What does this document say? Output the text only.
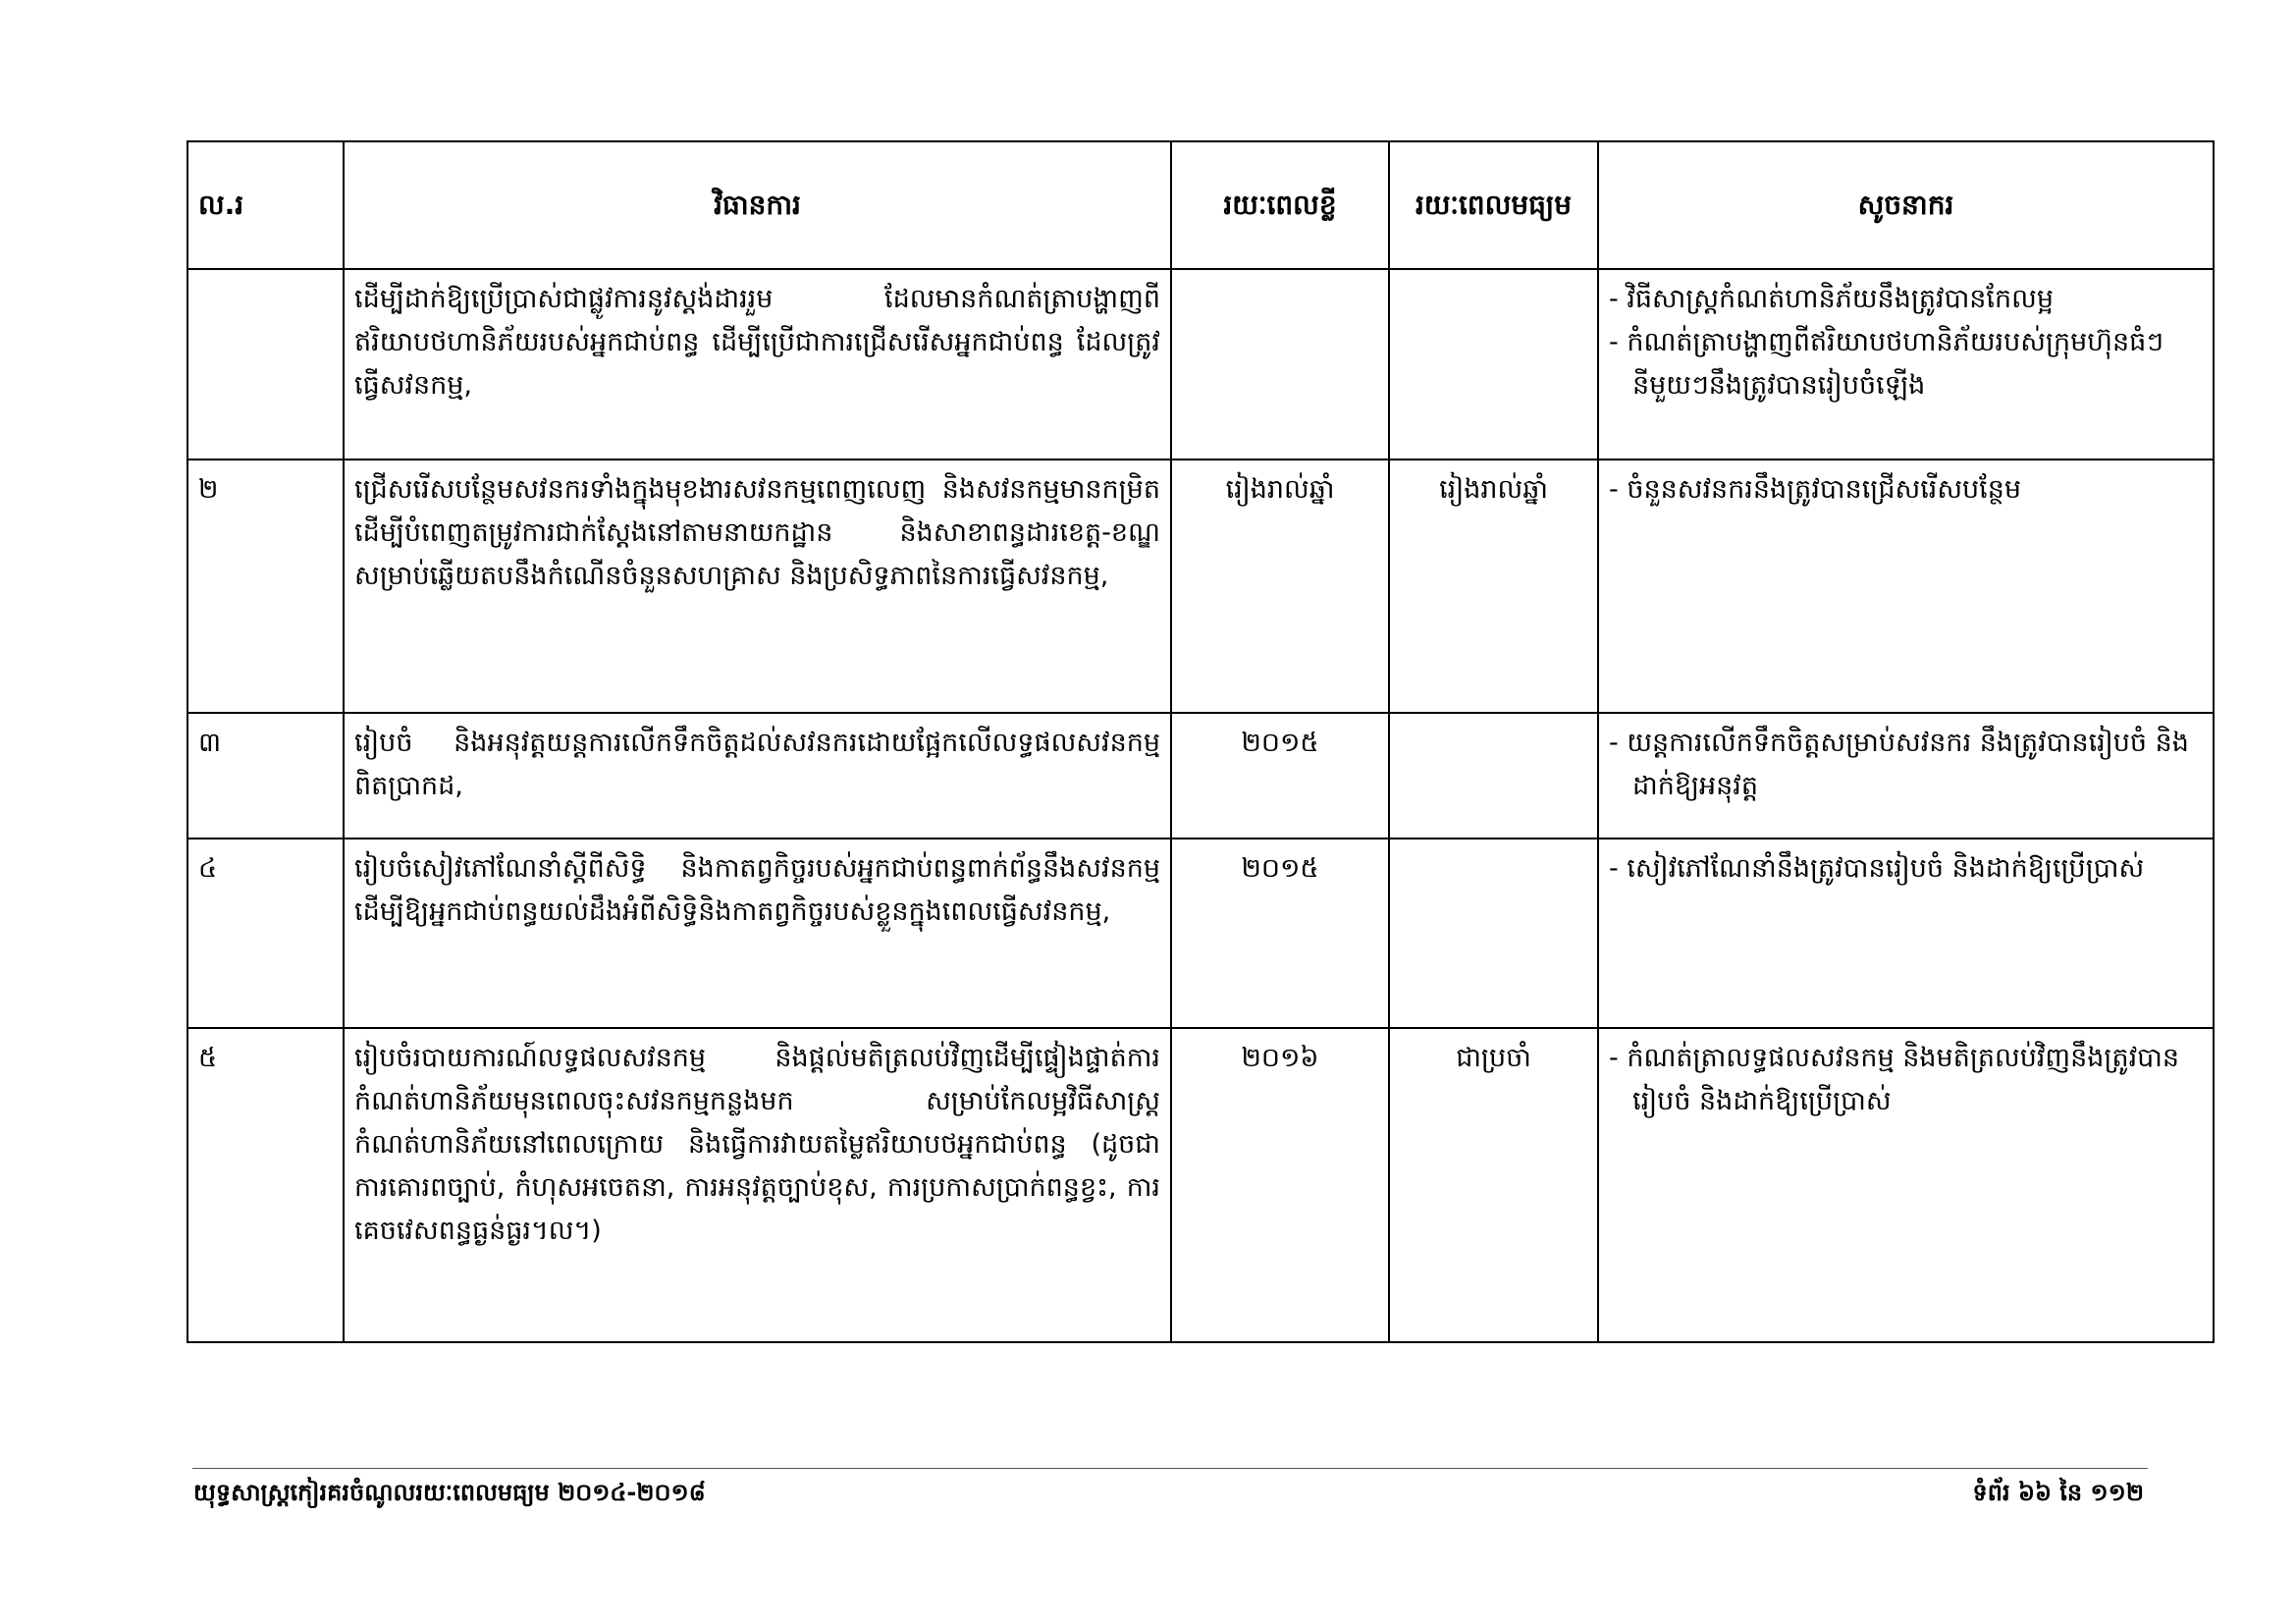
ល.រ	វិធានការ	រយៈពេលខ្លី	រយៈពេលមធ្យម	សូចនាករ
	ដើម្បីដាក់ឱ្យប្រើប្រាស់ជាផ្លូវការនូវស្តង់ដាររួម ដែលមានកំណត់ត្រាបង្ហាញពីឥរិយាបថហានិភ័យរបស់អ្នកជាប់ពន្ធ ដើម្បីប្រើជាការជ្រើសរើសអ្នកជាប់ពន្ធ ដែលត្រូវធ្វើសវនកម្ម,			- វិធីសាស្ត្រកំណត់ហានិភ័យនឹងត្រូវបានកែលម្អ
- កំណត់ត្រាបង្ហាញពីឥរិយាបថហានិភ័យរបស់ក្រុមហ៊ុនធំៗនីមួយៗនឹងត្រូវបានរៀបចំឡើង

២	ជ្រើសរើសបន្ថែមសវនករទាំងក្នុងមុខងារសវនកម្មពេញលេញ និងសវនកម្មមានកម្រិត ដើម្បីបំពេញតម្រូវការជាក់ស្តែងនៅតាមនាយកដ្ឋាន និងសាខាពន្ធដារខេត្ត-ខណ្ឌ សម្រាប់ឆ្លើយតបនឹងកំណើនចំនួនសហគ្រាស និងប្រសិទ្ធភាពនៃការធ្វើសវនកម្ម,	រៀងរាល់ឆ្នាំ	រៀងរាល់ឆ្នាំ	- ចំនួនសវនករនឹងត្រូវបានជ្រើសរើសបន្ថែម

៣	រៀបចំ និងអនុវត្តយន្តការលើកទឹកចិត្តដល់សវនករដោយផ្អែកលើលទ្ធផលសវនកម្មពិតប្រាកដ,	២០១៥		- យន្តការលើកទឹកចិត្តសម្រាប់សវនករ នឹងត្រូវបានរៀបចំ និងដាក់ឱ្យអនុវត្ត

៤	រៀបចំសៀវភៅណែនាំស្តីពីសិទ្ធិ និងកាតព្វកិច្ចរបស់អ្នកជាប់ពន្ធពាក់ព័ន្ធនឹងសវនកម្ម ដើម្បីឱ្យអ្នកជាប់ពន្ធយល់ដឹងអំពីសិទ្ធិនិងកាតព្វកិច្ចរបស់ខ្លួនក្នុងពេលធ្វើសវនកម្ម,	២០១៥		- សៀវភៅណែនាំនឹងត្រូវបានរៀបចំ និងដាក់ឱ្យប្រើប្រាស់

៥	រៀបចំរបាយការណ៍លទ្ធផលសវនកម្ម និងផ្តល់មតិត្រលប់វិញដើម្បីផ្ទៀងផ្ទាត់ការកំណត់ហានិភ័យមុនពេលចុះសវនកម្មកន្លងមក សម្រាប់កែលម្អវិធីសាស្ត្រកំណត់ហានិភ័យនៅពេលក្រោយ និងធ្វើការវាយតម្លៃឥរិយាបថអ្នកជាប់ពន្ធ (ដូចជាការគោរពច្បាប់, កំហុសអចេតនា, ការអនុវត្តច្បាប់ខុស, ការប្រកាសប្រាក់ពន្ធខ្វះ, ការគេចវេសពន្ធធ្ងន់ធ្ងរ។ល។)	២០១៦	ជាប្រចាំ	- កំណត់ត្រាលទ្ធផលសវនកម្ម និងមតិត្រលប់វិញនឹងត្រូវបានរៀបចំ និងដាក់ឱ្យប្រើប្រាស់
យុទ្ធសាស្ត្រកៀរគរចំណូលរយៈពេលមធ្យម ២០១៤-២០១៨	ទំព័រ ៦៦ នៃ ១១២
